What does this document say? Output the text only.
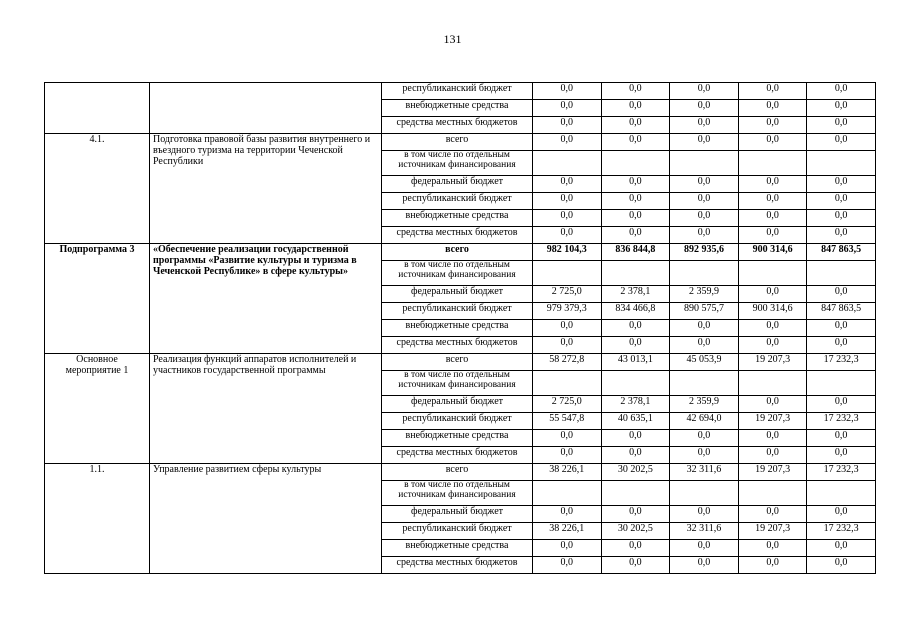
131
		республиканский бюджет	0,0	0,0	0,0	0,0	0,0
		внебюджетные средства	0,0	0,0	0,0	0,0	0,0
		средства местных бюджетов	0,0	0,0	0,0	0,0	0,0
4.1.	Подготовка правовой базы развития внутреннего и въездного туризма на территории Чеченской Республики	всего	0,0	0,0	0,0	0,0	0,0
		в том числе по отдельным источникам финансирования					
		федеральный бюджет	0,0	0,0	0,0	0,0	0,0
		республиканский бюджет	0,0	0,0	0,0	0,0	0,0
		внебюджетные средства	0,0	0,0	0,0	0,0	0,0
		средства местных бюджетов	0,0	0,0	0,0	0,0	0,0
Подпрограмма 3	«Обеспечение реализации государственной программы «Развитие культуры и туризма в Чеченской Республике» в сфере культуры»	всего	982 104,3	836 844,8	892 935,6	900 314,6	847 863,5
		в том числе по отдельным источникам финансирования					
		федеральный бюджет	2 725,0	2 378,1	2 359,9	0,0	0,0
		республиканский бюджет	979 379,3	834 466,8	890 575,7	900 314,6	847 863,5
		внебюджетные средства	0,0	0,0	0,0	0,0	0,0
		средства местных бюджетов	0,0	0,0	0,0	0,0	0,0
Основное мероприятие 1	Реализация функций аппаратов исполнителей и участников государственной программы	всего	58 272,8	43 013,1	45 053,9	19 207,3	17 232,3
		в том числе по отдельным источникам финансирования					
		федеральный бюджет	2 725,0	2 378,1	2 359,9	0,0	0,0
		республиканский бюджет	55 547,8	40 635,1	42 694,0	19 207,3	17 232,3
		внебюджетные средства	0,0	0,0	0,0	0,0	0,0
		средства местных бюджетов	0,0	0,0	0,0	0,0	0,0
1.1.	Управление развитием сферы культуры	всего	38 226,1	30 202,5	32 311,6	19 207,3	17 232,3
		в том числе по отдельным источникам финансирования					
		федеральный бюджет	0,0	0,0	0,0	0,0	0,0
		республиканский бюджет	38 226,1	30 202,5	32 311,6	19 207,3	17 232,3
		внебюджетные средства	0,0	0,0	0,0	0,0	0,0
		средства местных бюджетов	0,0	0,0	0,0	0,0	0,0
